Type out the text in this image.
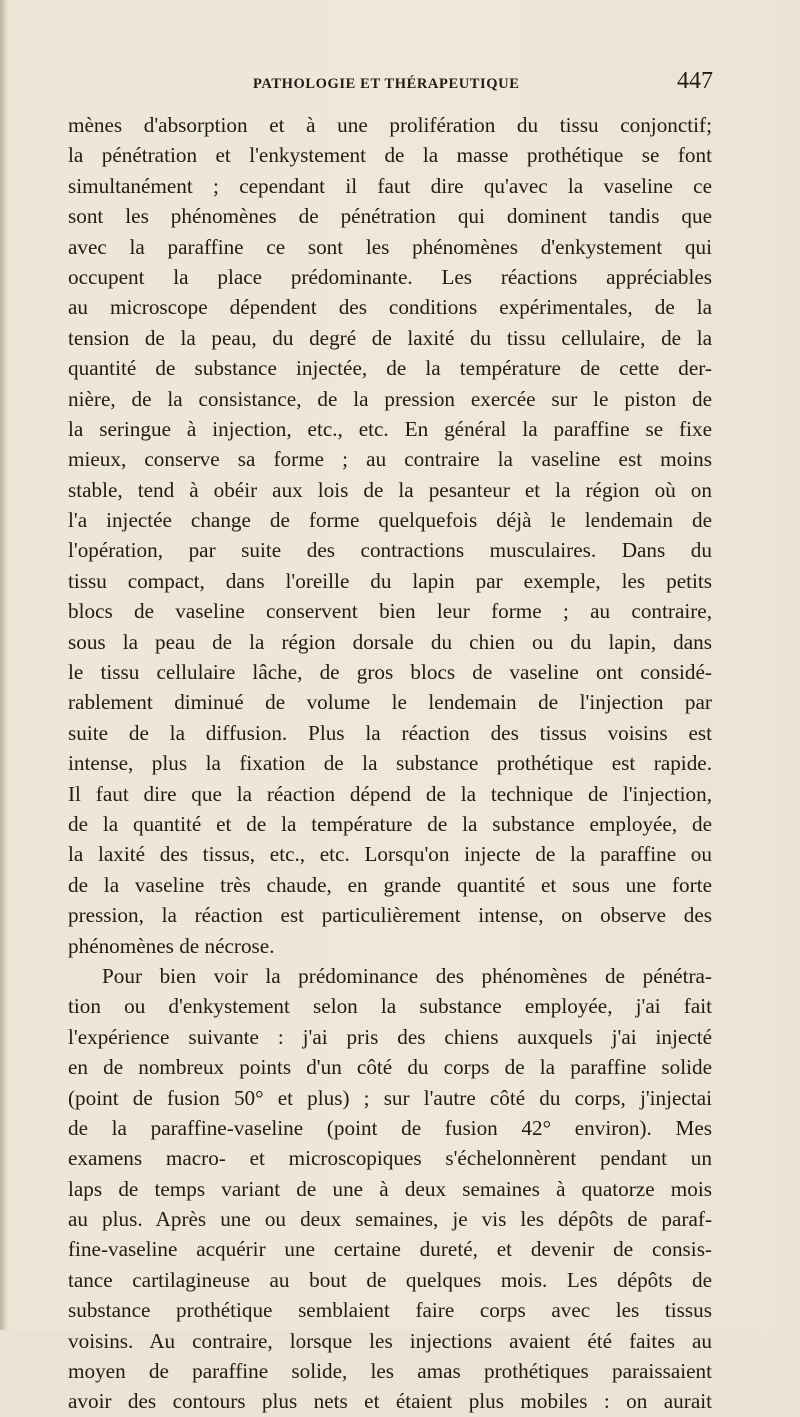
PATHOLOGIE ET THÉRAPEUTIQUE	447
mènes d'absorption et à une prolifération du tissu conjonctif;
la pénétration et l'enkystement de la masse prothétique se font
simultanément ; cependant il faut dire qu'avec la vaseline ce
sont les phénomènes de pénétration qui dominent tandis que
avec la paraffine ce sont les phénomènes d'enkystement qui
occupent la place prédominante. Les réactions appréciables
au microscope dépendent des conditions expérimentales, de la
tension de la peau, du degré de laxité du tissu cellulaire, de la
quantité de substance injectée, de la température de cette der-
nière, de la consistance, de la pression exercée sur le piston de
la seringue à injection, etc., etc. En général la paraffine se fixe
mieux, conserve sa forme ; au contraire la vaseline est moins
stable, tend à obéir aux lois de la pesanteur et la région où on
l'a injectée change de forme quelquefois déjà le lendemain de
l'opération, par suite des contractions musculaires. Dans du
tissu compact, dans l'oreille du lapin par exemple, les petits
blocs de vaseline conservent bien leur forme ; au contraire,
sous la peau de la région dorsale du chien ou du lapin, dans
le tissu cellulaire lâche, de gros blocs de vaseline ont considé-
rablement diminué de volume le lendemain de l'injection par
suite de la diffusion. Plus la réaction des tissus voisins est
intense, plus la fixation de la substance prothétique est rapide.
Il faut dire que la réaction dépend de la technique de l'injection,
de la quantité et de la température de la substance employée, de
la laxité des tissus, etc., etc. Lorsqu'on injecte de la paraffine ou
de la vaseline très chaude, en grande quantité et sous une forte
pression, la réaction est particulièrement intense, on observe des
phénomènes de nécrose.
Pour bien voir la prédominance des phénomènes de pénétra-
tion ou d'enkystement selon la substance employée, j'ai fait
l'expérience suivante : j'ai pris des chiens auxquels j'ai injecté
en de nombreux points d'un côté du corps de la paraffine solide
(point de fusion 50° et plus) ; sur l'autre côté du corps, j'injectai
de la paraffine-vaseline (point de fusion 42° environ). Mes
examens macro- et microscopiques s'échelonnèrent pendant un
laps de temps variant de une à deux semaines à quatorze mois
au plus. Après une ou deux semaines, je vis les dépôts de paraf-
fine-vaseline acquérir une certaine dureté, et devenir de consis-
tance cartilagineuse au bout de quelques mois. Les dépôts de
substance prothétique semblaient faire corps avec les tissus
voisins. Au contraire, lorsque les injections avaient été faites au
moyen de paraffine solide, les amas prothétiques paraissaient
avoir des contours plus nets et étaient plus mobiles : on aurait
